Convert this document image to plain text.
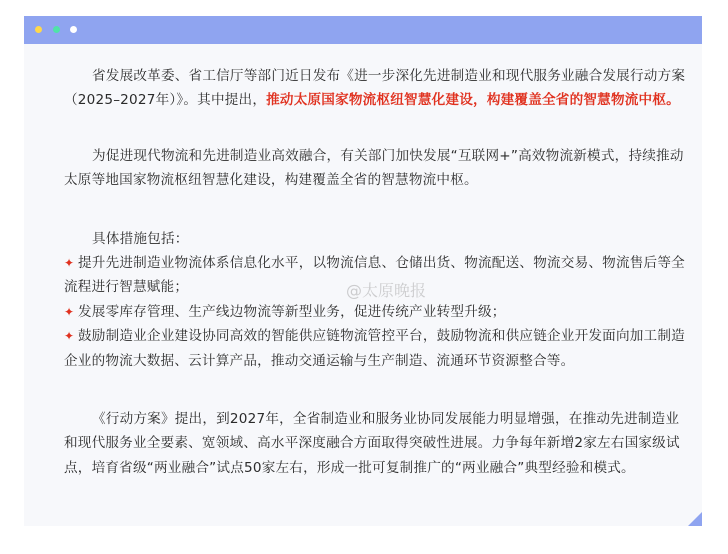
省发展改革委、省工信厅等部门近日发布《进一步深化先进制造业和现代服务业融合发展行动方案（2025–2027年）》。其中提出，推动太原国家物流枢纽智慧化建设，构建覆盖全省的智慧物流中枢。

为促进现代物流和先进制造业高效融合，有关部门加快发展“互联网+”高效物流新模式，持续推动太原等地国家物流枢纽智慧化建设，构建覆盖全省的智慧物流中枢。

具体措施包括：

✦ 提升先进制造业物流体系信息化水平，以物流信息、仓储出货、物流配送、物流交易、物流售后等全流程进行智慧赋能；

✦ 发展零库存管理、生产线边物流等新型业务，促进传统产业转型升级；

✦ 鼓励制造业企业建设协同高效的智能供应链物流管控平台，鼓励物流和供应链企业开发面向加工制造企业的物流大数据、云计算产品，推动交通运输与生产制造、流通环节资源整合等。

《行动方案》提出，到2027年，全省制造业和服务业协同发展能力明显增强，在推动先进制造业和现代服务业全要素、宽领域、高水平深度融合方面取得突破性进展。力争每年新增2家左右国家级试点，培育省级“两业融合”试点50家左右，形成一批可复制推广的“两业融合”典型经验和模式。

@太原晚报
